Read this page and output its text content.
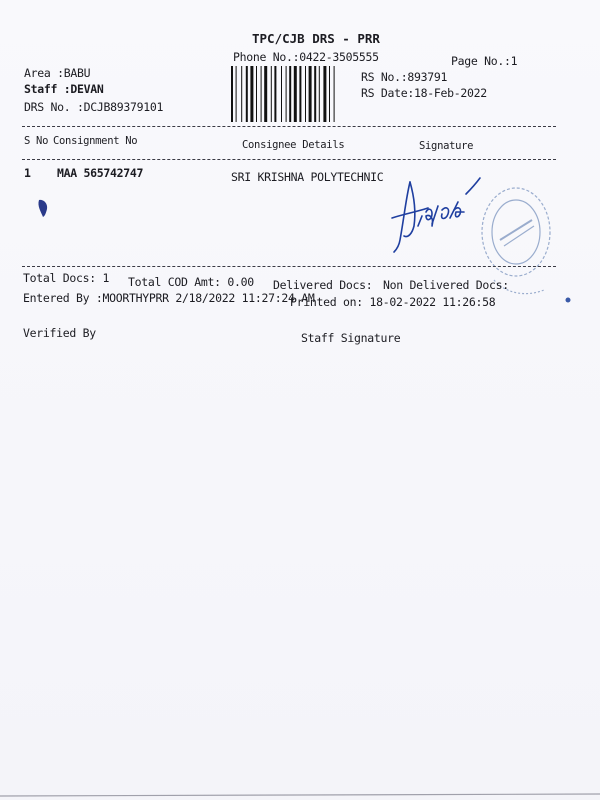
TPC/CJB DRS - PRR
Phone No.:0422-3505555	Page No.:1
Area :BABU
Staff :DEVAN
DRS No. :DCJB89379101
RS No.:893791
RS Date:18-Feb-2022
S No Consignment No	Consignee Details	Signature
1 MAA 565742747	SRI KRISHNA POLYTECHNIC
Total Docs: 1 Total COD Amt: 0.00 Delivered Docs: Non Delivered Docs:
Entered By :MOORTHYPRR 2/18/2022 11:27:24 AM
Printed on: 18-02-2022 11:26:58
Verified By	Staff Signature
